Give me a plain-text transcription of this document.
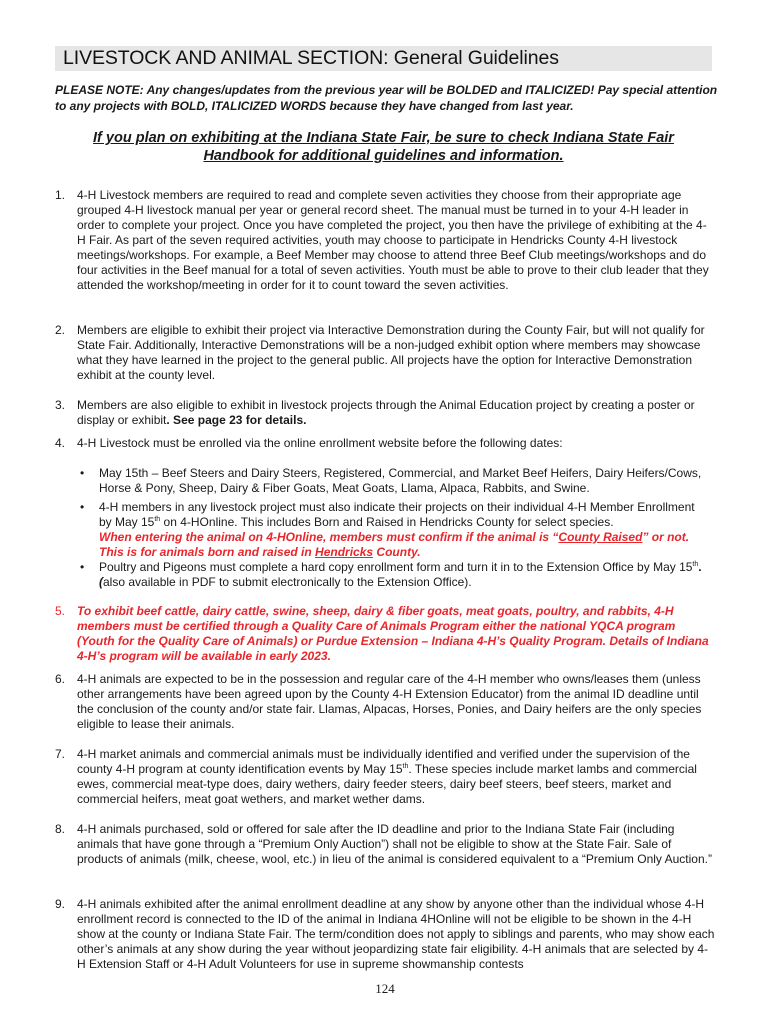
LIVESTOCK AND ANIMAL SECTION: General Guidelines
PLEASE NOTE: Any changes/updates from the previous year will be BOLDED and ITALICIZED! Pay special attention to any projects with BOLD, ITALICIZED WORDS because they have changed from last year.
If you plan on exhibiting at the Indiana State Fair, be sure to check Indiana State Fair
Handbook for additional guidelines and information.
1. 4-H Livestock members are required to read and complete seven activities they choose from their appropriate age grouped 4-H livestock manual per year or general record sheet. The manual must be turned in to your 4-H leader in order to complete your project. Once you have completed the project, you then have the privilege of exhibiting at the 4-H Fair. As part of the seven required activities, youth may choose to participate in Hendricks County 4-H livestock meetings/workshops. For example, a Beef Member may choose to attend three Beef Club meetings/workshops and do four activities in the Beef manual for a total of seven activities. Youth must be able to prove to their club leader that they attended the workshop/meeting in order for it to count toward the seven activities.
2. Members are eligible to exhibit their project via Interactive Demonstration during the County Fair, but will not qualify for State Fair. Additionally, Interactive Demonstrations will be a non-judged exhibit option where members may showcase what they have learned in the project to the general public. All projects have the option for Interactive Demonstration exhibit at the county level.
3. Members are also eligible to exhibit in livestock projects through the Animal Education project by creating a poster or display or exhibit. See page 23 for details.
4. 4-H Livestock must be enrolled via the online enrollment website before the following dates:
• May 15th – Beef Steers and Dairy Steers, Registered, Commercial, and Market Beef Heifers, Dairy Heifers/Cows, Horse & Pony, Sheep, Dairy & Fiber Goats, Meat Goats, Llama, Alpaca, Rabbits, and Swine.
• 4-H members in any livestock project must also indicate their projects on their individual 4-H Member Enrollment by May 15th on 4-HOnline. This includes Born and Raised in Hendricks County for select species.
When entering the animal on 4-HOnline, members must confirm if the animal is “County Raised” or not. This is for animals born and raised in Hendricks County.
• Poultry and Pigeons must complete a hard copy enrollment form and turn it in to the Extension Office by May 15th. (also available in PDF to submit electronically to the Extension Office).
5. To exhibit beef cattle, dairy cattle, swine, sheep, dairy & fiber goats, meat goats, poultry, and rabbits, 4-H members must be certified through a Quality Care of Animals Program either the national YQCA program (Youth for the Quality Care of Animals) or Purdue Extension – Indiana 4-H’s Quality Program. Details of Indiana 4-H’s program will be available in early 2023.
6. 4-H animals are expected to be in the possession and regular care of the 4-H member who owns/leases them (unless other arrangements have been agreed upon by the County 4-H Extension Educator) from the animal ID deadline until the conclusion of the county and/or state fair. Llamas, Alpacas, Horses, Ponies, and Dairy heifers are the only species eligible to lease their animals.
7. 4-H market animals and commercial animals must be individually identified and verified under the supervision of the county 4-H program at county identification events by May 15th. These species include market lambs and commercial ewes, commercial meat-type does, dairy wethers, dairy feeder steers, dairy beef steers, beef steers, market and commercial heifers, meat goat wethers, and market wether dams.
8. 4-H animals purchased, sold or offered for sale after the ID deadline and prior to the Indiana State Fair (including animals that have gone through a “Premium Only Auction”) shall not be eligible to show at the State Fair. Sale of products of animals (milk, cheese, wool, etc.) in lieu of the animal is considered equivalent to a “Premium Only Auction.”
9. 4-H animals exhibited after the animal enrollment deadline at any show by anyone other than the individual whose 4-H enrollment record is connected to the ID of the animal in Indiana 4HOnline will not be eligible to be shown in the 4-H show at the county or Indiana State Fair. The term/condition does not apply to siblings and parents, who may show each other’s animals at any show during the year without jeopardizing state fair eligibility. 4-H animals that are selected by 4-H Extension Staff or 4-H Adult Volunteers for use in supreme showmanship contests
124
